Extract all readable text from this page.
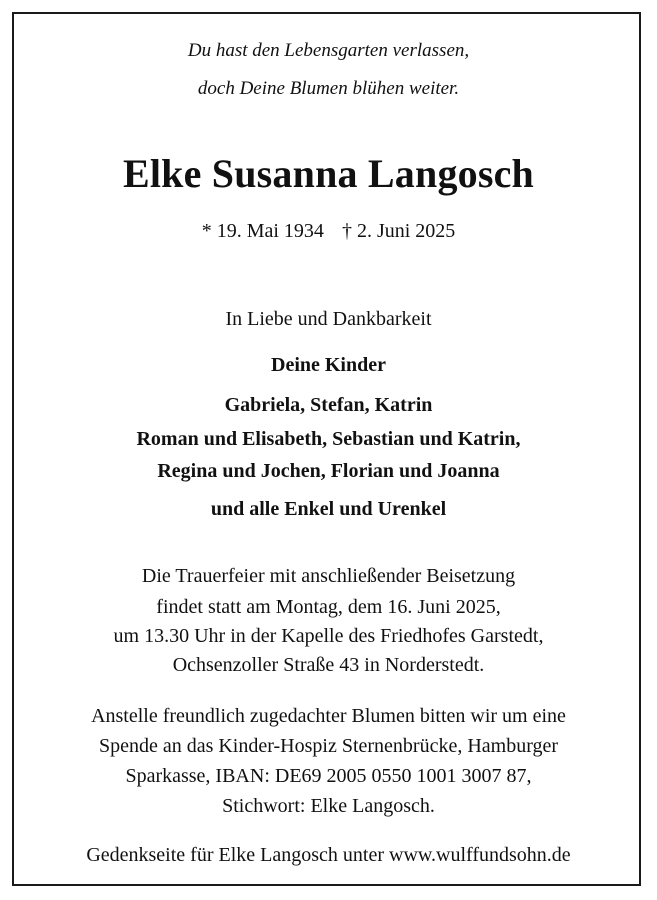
Du hast den Lebensgarten verlassen,
doch Deine Blumen blühen weiter.
Elke Susanna Langosch
* 19. Mai 1934 † 2. Juni 2025
In Liebe und Dankbarkeit
Deine Kinder
Gabriela, Stefan, Katrin
Roman und Elisabeth, Sebastian und Katrin,
Regina und Jochen, Florian und Joanna
und alle Enkel und Urenkel
Die Trauerfeier mit anschließender Beisetzung
findet statt am Montag, dem 16. Juni 2025,
um 13.30 Uhr in der Kapelle des Friedhofes Garstedt,
Ochsenzoller Straße 43 in Norderstedt.
Anstelle freundlich zugedachter Blumen bitten wir um eine
Spende an das Kinder-Hospiz Sternenbrücke, Hamburger
Sparkasse, IBAN: DE69 2005 0550 1001 3007 87,
Stichwort: Elke Langosch.
Gedenkseite für Elke Langosch unter www.wulffundsohn.de
